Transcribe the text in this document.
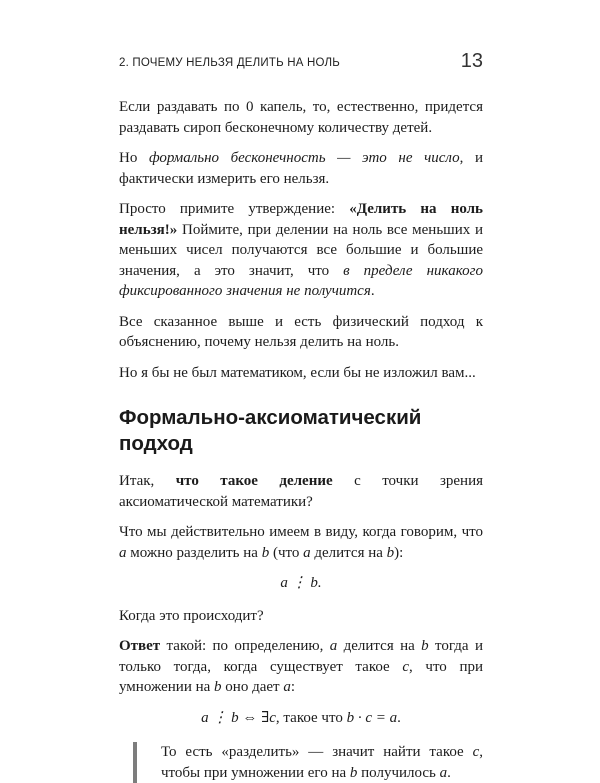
2. ПОЧЕМУ НЕЛЬЗЯ ДЕЛИТЬ НА НОЛЬ	13

Если раздавать по 0 капель, то, естественно, придется раздавать сироп бесконечному количеству детей.

Но формально бесконечность — это не число, и фактически измерить его нельзя.

Просто примите утверждение: «Делить на ноль нельзя!» Поймите, при делении на ноль все меньших и меньших чисел получаются все большие и большие значения, а это значит, что в пределе никакого фиксированного значения не получится.

Все сказанное выше и есть физический подход к объяснению, почему нельзя делить на ноль.

Но я бы не был математиком, если бы не изложил вам...

Формально-аксиоматический подход

Итак, что такое деление с точки зрения аксиоматической математики?

Что мы действительно имеем в виду, когда говорим, что a можно разделить на b (что a делится на b):

a ⋮ b.

Когда это происходит?

Ответ такой: по определению, a делится на b тогда и только тогда, когда существует такое c, что при умножении на b оно дает a:

a ⋮ b ⇔ ∃c, такое что b · c = a.

То есть «разделить» — значит найти такое c, чтобы при умножении его на b получилось a.
